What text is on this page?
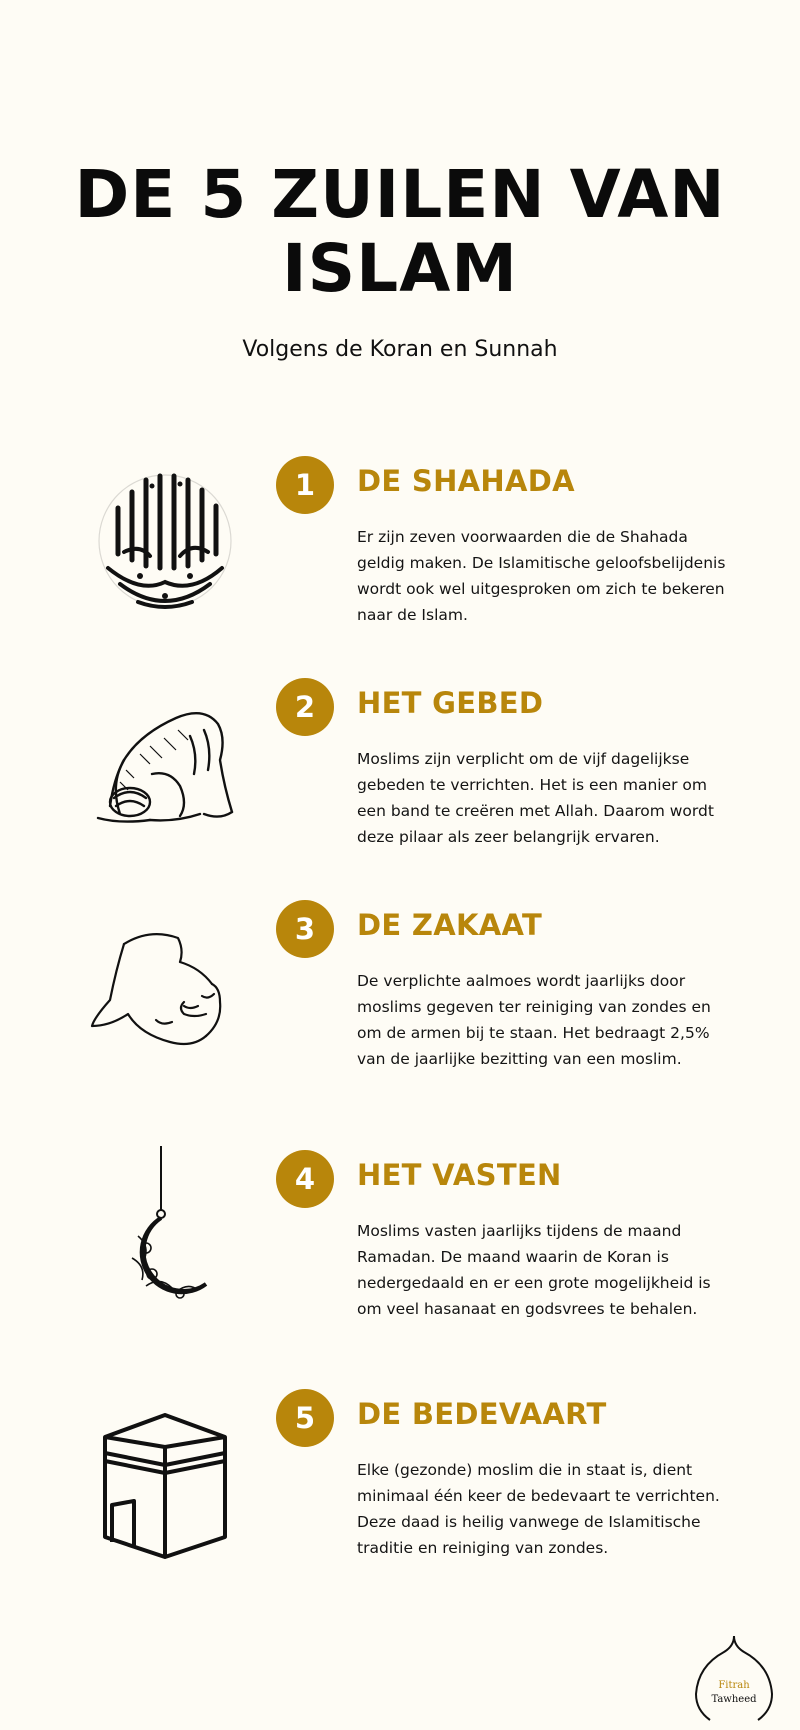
DE 5 ZUILEN VAN
ISLAM
Volgens de Koran en Sunnah
1	DE SHAHADA

Er zijn zeven voorwaarden die de Shahada geldig maken. De Islamitische geloofsbelijdenis wordt ook wel uitgesproken om zich te bekeren naar de Islam.

2	HET GEBED

Moslims zijn verplicht om de vijf dagelijkse gebeden te verrichten. Het is een manier om een band te creëren met Allah. Daarom wordt deze pilaar als zeer belangrijk ervaren.

3	DE ZAKAAT

De verplichte aalmoes wordt jaarlijks door moslims gegeven ter reiniging van zondes en om de armen bij te staan. Het bedraagt 2,5% van de jaarlijke bezitting van een moslim.

4	HET VASTEN

Moslims vasten jaarlijks tijdens de maand Ramadan. De maand waarin de Koran is nedergedaald en er een grote mogelijkheid is om veel hasanaat en godsvrees te behalen.

5	DE BEDEVAART

Elke (gezonde) moslim die in staat is, dient minimaal één keer de bedevaart te verrichten. Deze daad is heilig vanwege de Islamitische traditie en reiniging van zondes.

Fitrah
Tawheed
